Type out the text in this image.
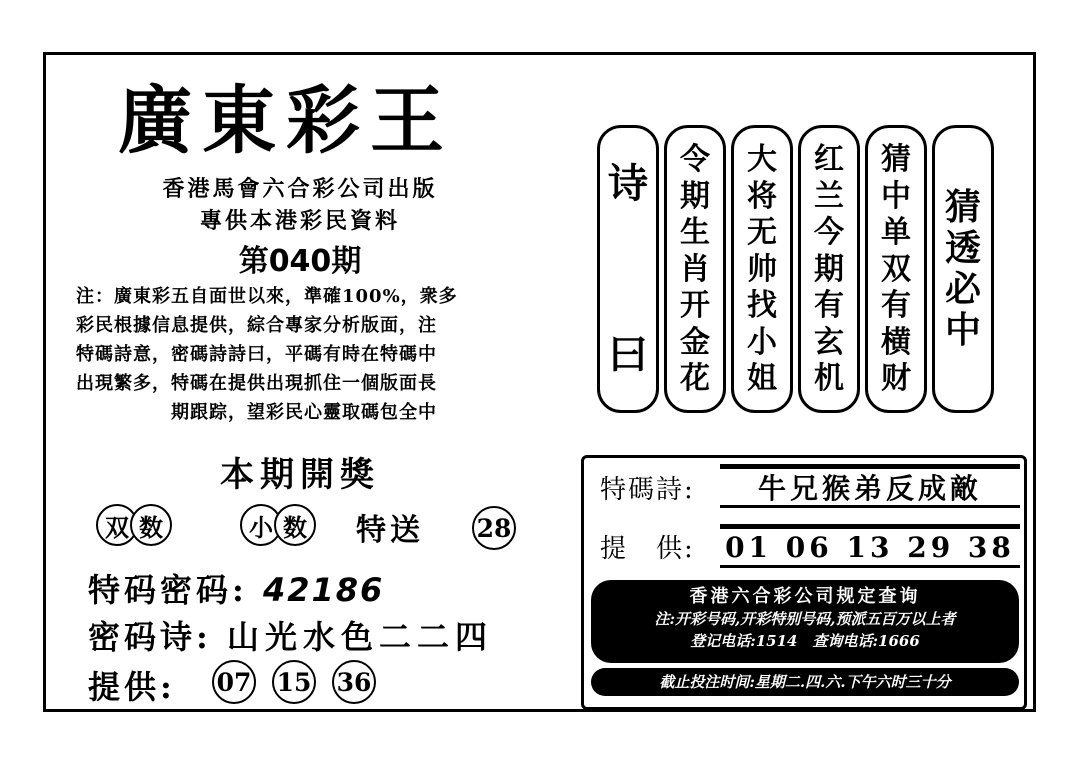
廣東彩王
香港馬會六合彩公司出版
專供本港彩民資料
第040期
注：廣東彩五自面世以來，準確100%，衆多
彩民根據信息提供，綜合專家分析版面，注
特碼詩意，密碼詩詩曰，平碼有時在特碼中
出現繁多，特碼在提供出現抓住一個版面長
期跟踪，望彩民心靈取碼包全中
本期開獎
双 数	小 数	特送 28
特码密码: 42186
密码诗: 山光水色二二四
提供: 07 15 36
诗
曰
令
期
生
肖
开
金
花
大
将
无
帅
找
小
姐
红
兰
今
期
有
玄
机
猜
中
单
双
有
横
财
猜
透
必
中
特碼詩:	牛兄猴弟反成敵
提　供: 01 06 13 29 38
香港六合彩公司规定查询
注:开彩号码,开彩特别号码,预派五百万以上者
登记电话:1514　查询电话:1666
截止投注时间:星期二.四.六.下午六时三十分
